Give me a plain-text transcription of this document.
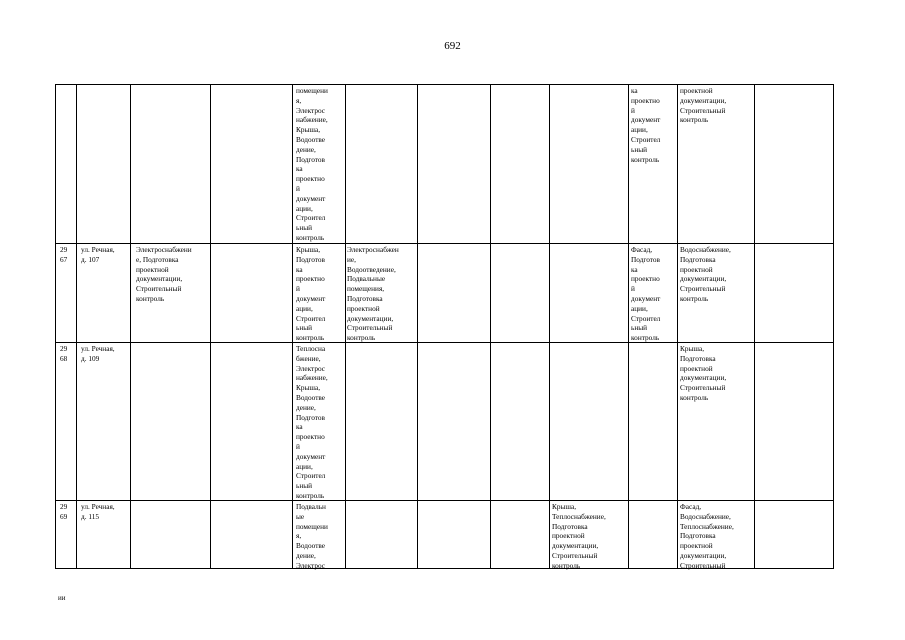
692
помещени
я,
Электрос
набжение,
Крыша,
Водоотве
дение,
Подготов
ка
проектно
й
документ
ации,
Строител
ьный
контроль
ка
проектно
й
документ
ации,
Строител
ьный
контроль
проектной
документации,
Строительный
контроль
29
67
ул. Речная,
д. 107
Электроснабжени
е, Подготовка
проектной
документации,
Строительный
контроль
Крыша,
Подготов
ка
проектно
й
документ
ации,
Строител
ьный
контроль
Электроснабжен
ие,
Водоотведение,
Подвальные
помещения,
Подготовка
проектной
документации,
Строительный
контроль
Фасад,
Подготов
ка
проектно
й
документ
ации,
Строител
ьный
контроль
Водоснабжение,
Подготовка
проектной
документации,
Строительный
контроль
29
68
ул. Речная,
д. 109
Теплосна
бжение,
Электрос
набжение,
Крыша,
Водоотве
дение,
Подготов
ка
проектно
й
документ
ации,
Строител
ьный
контроль
Крыша,
Подготовка
проектной
документации,
Строительный
контроль
29
69
ул. Речная,
д. 115
Подвальн
ые
помещени
я,
Водоотве
дение,
Электрос
Крыша,
Теплоснабжение,
Подготовка
проектной
документации,
Строительный
контроль
Фасад,
Водоснабжение,
Теплоснабжение,
Подготовка
проектной
документации,
Строительный
ии
